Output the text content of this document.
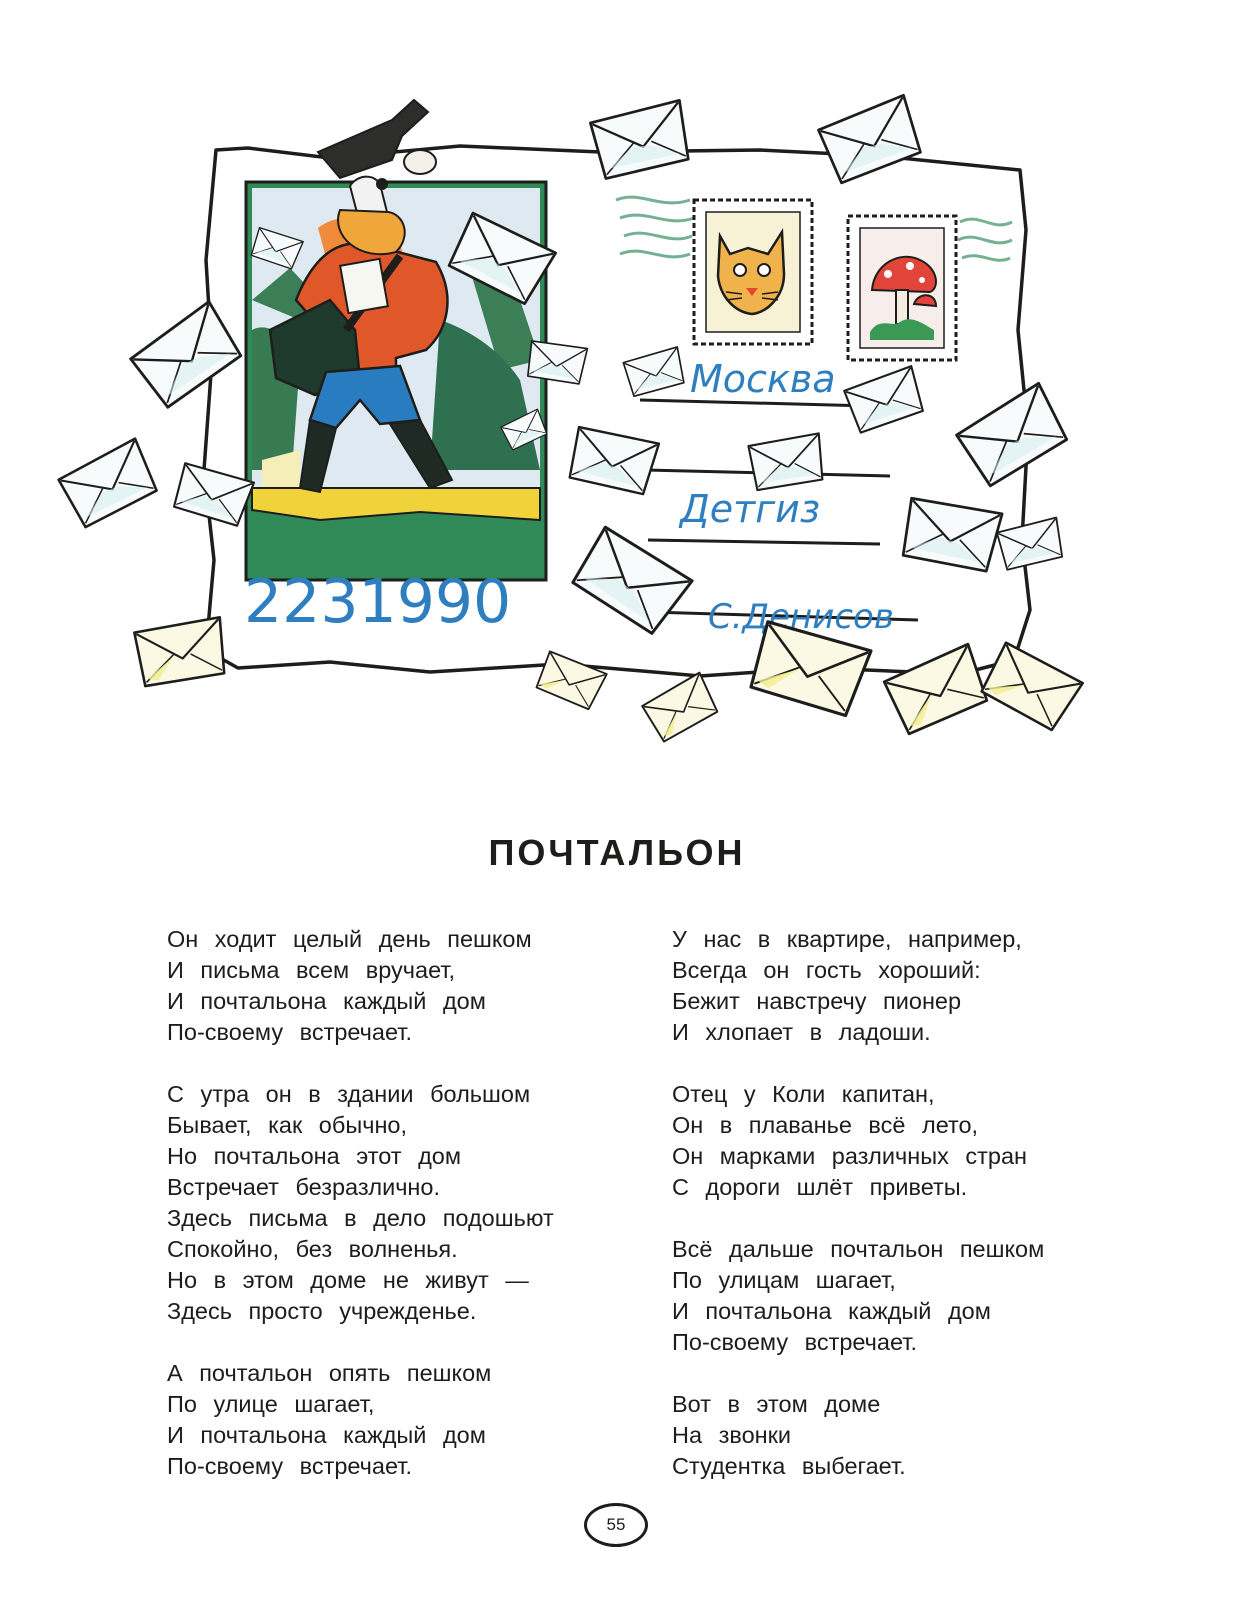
Москва
Детгиз
С.Денисов
2231990
ПОЧТАЛЬОН
Он ходит целый день пешком
И письма всем вручает,
И почтальона каждый дом
По-своему встречает.
С утра он в здании большом
Бывает, как обычно,
Но почтальона этот дом
Встречает безразлично.
Здесь письма в дело подошьют
Спокойно, без волненья.
Но в этом доме не живут —
Здесь просто учрежденье.
А почтальон опять пешком
По улице шагает,
И почтальона каждый дом
По-своему встречает.
У нас в квартире, например,
Всегда он гость хороший:
Бежит навстречу пионер
И хлопает в ладоши.
Отец у Коли капитан,
Он в плаванье всё лето,
Он марками различных стран
С дороги шлёт приветы.
Всё дальше почтальон пешком
По улицам шагает,
И почтальона каждый дом
По-своему встречает.
Вот в этом доме
На звонки
Студентка выбегает.
55
